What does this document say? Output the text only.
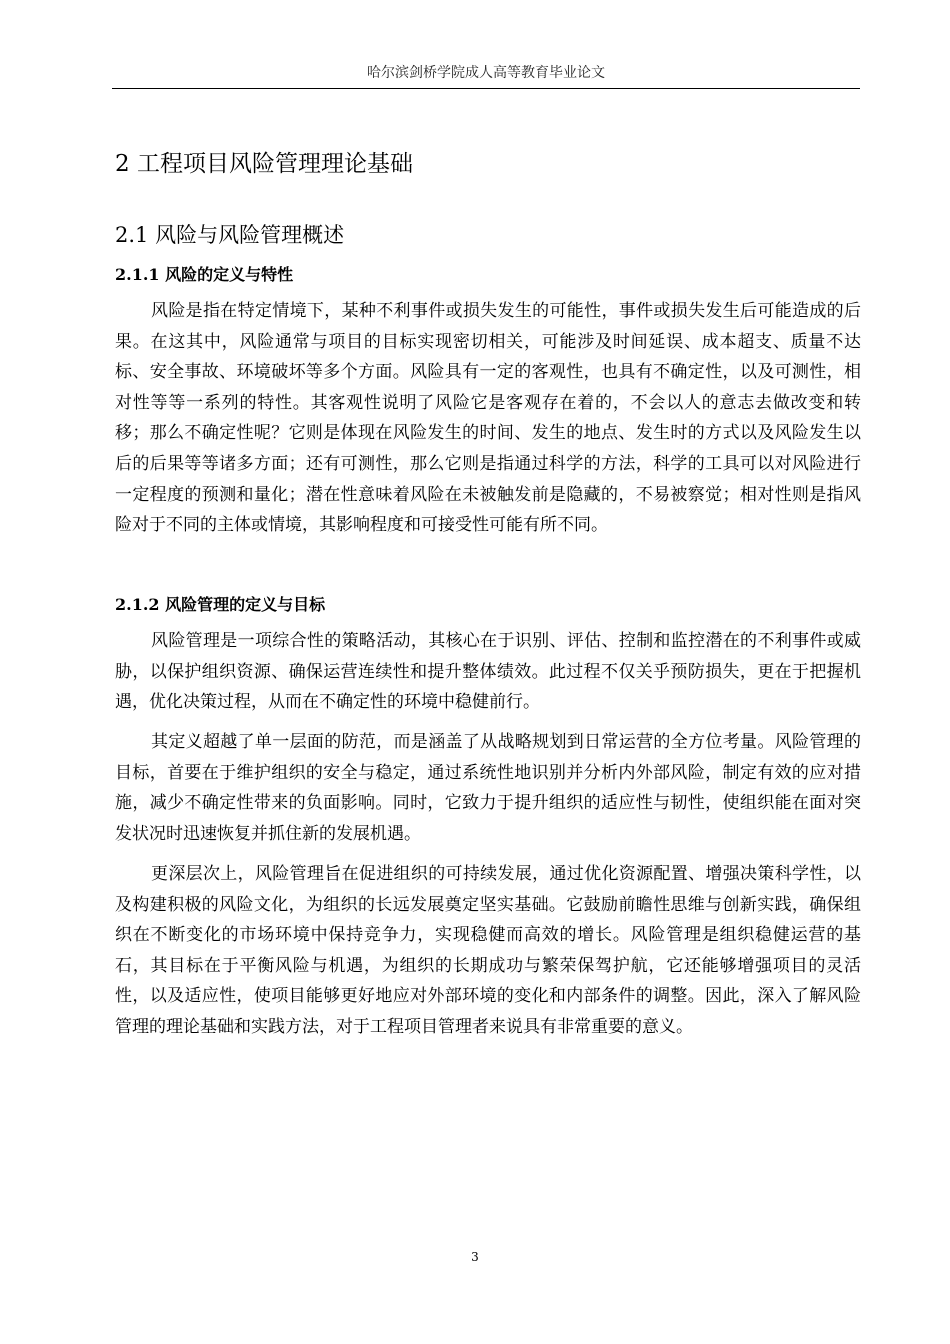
哈尔滨剑桥学院成人高等教育毕业论文
2 工程项目风险管理理论基础
2.1 风险与风险管理概述
2.1.1 风险的定义与特性

风险是指在特定情境下，某种不利事件或损失发生的可能性，事件或损失发生后可能造成的后果。在这其中，风险通常与项目的目标实现密切相关，可能涉及时间延误、成本超支、质量不达标、安全事故、环境破坏等多个方面。风险具有一定的客观性，也具有不确定性，以及可测性，相对性等等一系列的特性。其客观性说明了风险它是客观存在着的，不会以人的意志去做改变和转移；那么不确定性呢？它则是体现在风险发生的时间、发生的地点、发生时的方式以及风险发生以后的后果等等诸多方面；还有可测性，那么它则是指通过科学的方法，科学的工具可以对风险进行一定程度的预测和量化；潜在性意味着风险在未被触发前是隐藏的，不易被察觉；相对性则是指风险对于不同的主体或情境，其影响程度和可接受性可能有所不同。

2.1.2 风险管理的定义与目标

风险管理是一项综合性的策略活动，其核心在于识别、评估、控制和监控潜在的不利事件或威胁，以保护组织资源、确保运营连续性和提升整体绩效。此过程不仅关乎预防损失，更在于把握机遇，优化决策过程，从而在不确定性的环境中稳健前行。

其定义超越了单一层面的防范，而是涵盖了从战略规划到日常运营的全方位考量。风险管理的目标，首要在于维护组织的安全与稳定，通过系统性地识别并分析内外部风险，制定有效的应对措施，减少不确定性带来的负面影响。同时，它致力于提升组织的适应性与韧性，使组织能在面对突发状况时迅速恢复并抓住新的发展机遇。

更深层次上，风险管理旨在促进组织的可持续发展，通过优化资源配置、增强决策科学性，以及构建积极的风险文化，为组织的长远发展奠定坚实基础。它鼓励前瞻性思维与创新实践，确保组织在不断变化的市场环境中保持竞争力，实现稳健而高效的增长。风险管理是组织稳健运营的基石，其目标在于平衡风险与机遇，为组织的长期成功与繁荣保驾护航，它还能够增强项目的灵活性，以及适应性，使项目能够更好地应对外部环境的变化和内部条件的调整。因此，深入了解风险管理的理论基础和实践方法，对于工程项目管理者来说具有非常重要的意义。

3
